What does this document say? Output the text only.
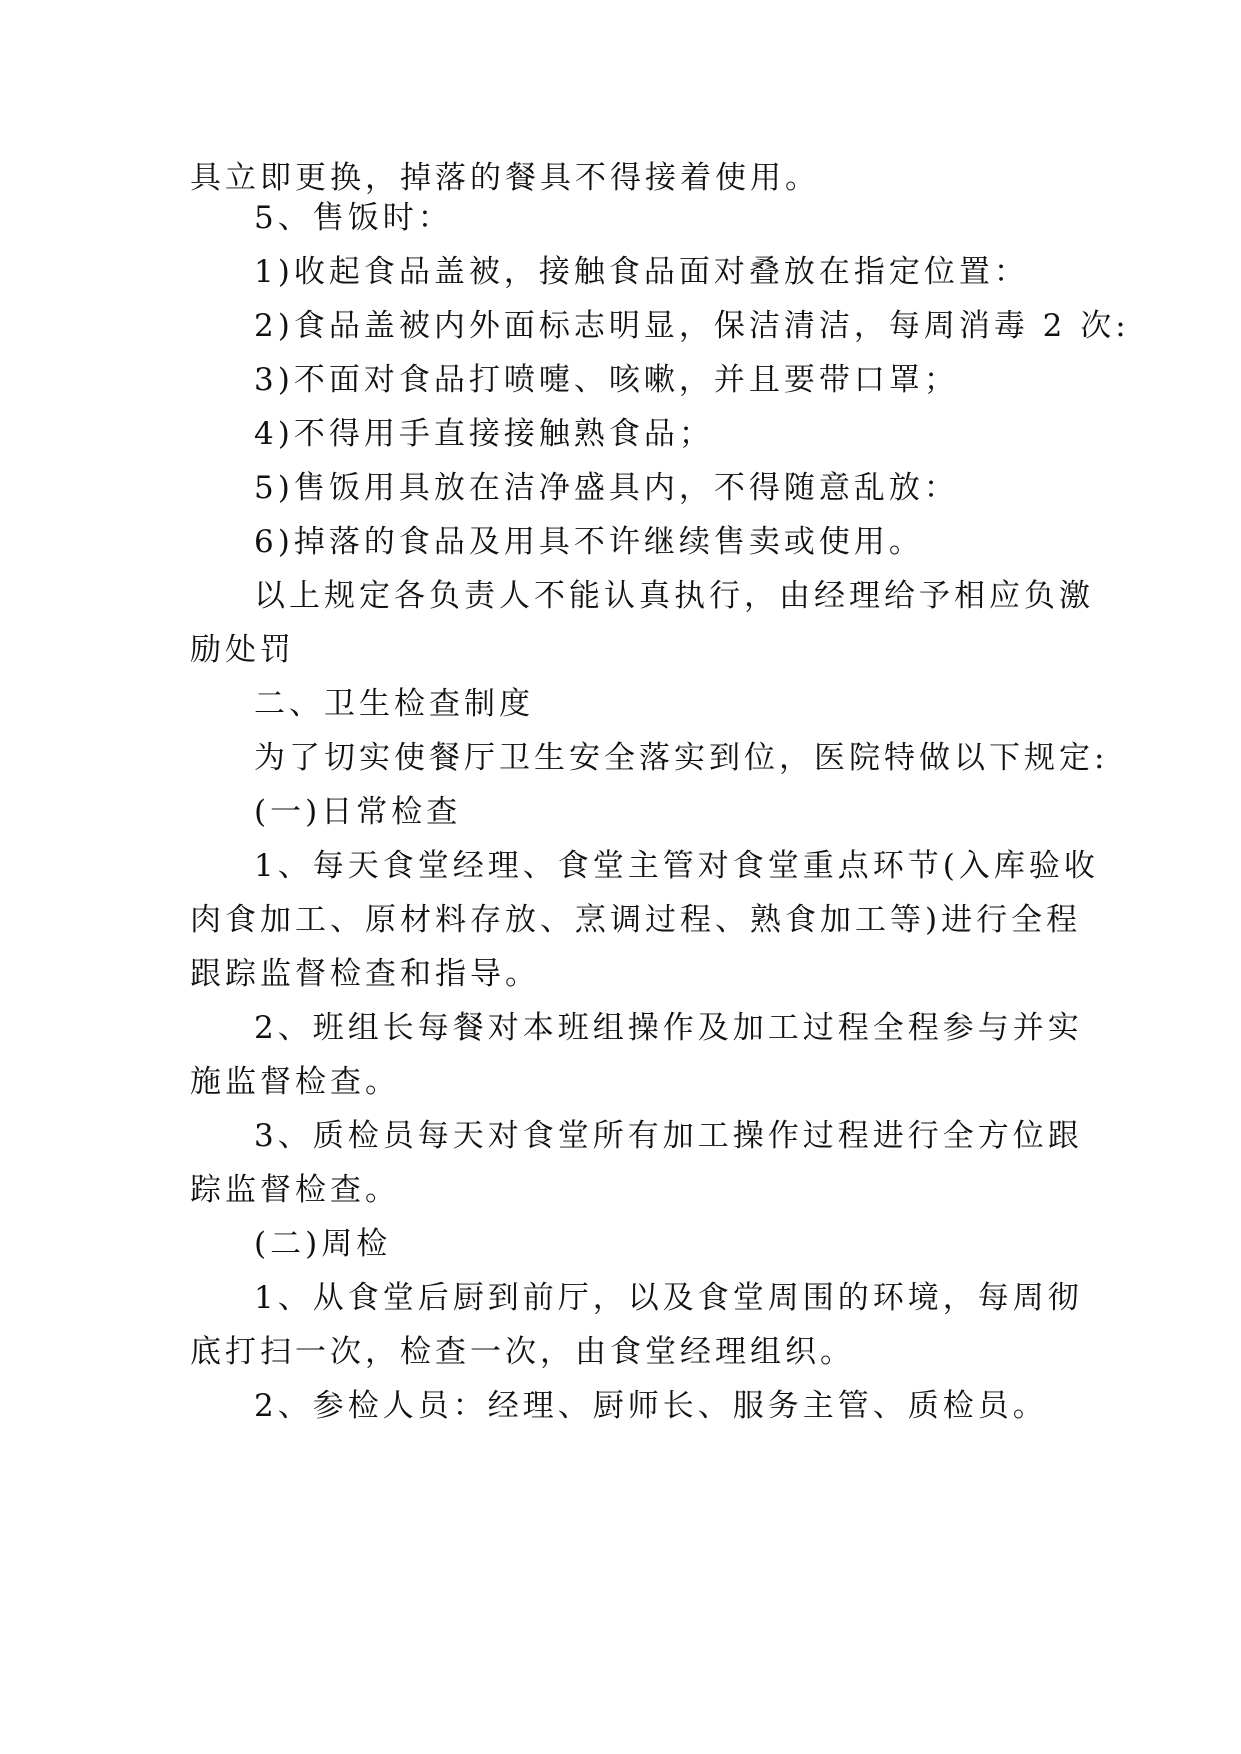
具立即更换，掉落的餐具不得接着使用。
5、售饭时：
1)收起食品盖被，接触食品面对叠放在指定位置：
2)食品盖被内外面标志明显，保洁清洁，每周消毒 2 次:
3)不面对食品打喷嚏、咳嗽，并且要带口罩；
4)不得用手直接接触熟食品；
5)售饭用具放在洁净盛具内，不得随意乱放：
6)掉落的食品及用具不许继续售卖或使用。
以上规定各负责人不能认真执行，由经理给予相应负激
励处罚
二、卫生检查制度
为了切实使餐厅卫生安全落实到位，医院特做以下规定:
(一)日常检查
1、每天食堂经理、食堂主管对食堂重点环节(入库验收
肉食加工、原材料存放、烹调过程、熟食加工等)进行全程
跟踪监督检查和指导。
2、班组长每餐对本班组操作及加工过程全程参与并实
施监督检查。
3、质检员每天对食堂所有加工操作过程进行全方位跟
踪监督检查。
(二)周检
1、从食堂后厨到前厅，以及食堂周围的环境，每周彻
底打扫一次，检查一次，由食堂经理组织。
2、参检人员：经理、厨师长、服务主管、质检员。
